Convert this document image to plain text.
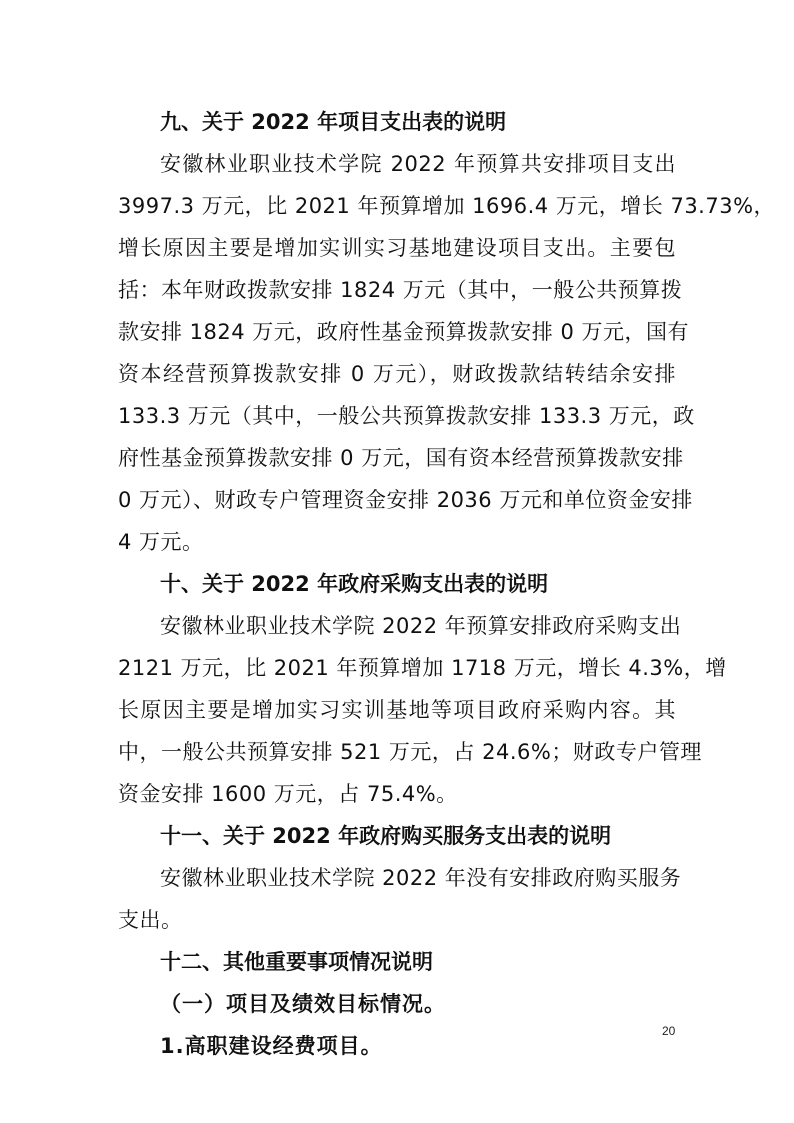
九、关于 2022 年项目支出表的说明
安徽林业职业技术学院 2022 年预算共安排项目支出
3997.3 万元，比 2021 年预算增加 1696.4 万元，增长 73.73%，
增长原因主要是增加实训实习基地建设项目支出。主要包
括：本年财政拨款安排 1824 万元（其中，一般公共预算拨
款安排 1824 万元，政府性基金预算拨款安排 0 万元，国有
资本经营预算拨款安排 0 万元），财政拨款结转结余安排
133.3 万元（其中，一般公共预算拨款安排 133.3 万元，政
府性基金预算拨款安排 0 万元，国有资本经营预算拨款安排
0 万元）、财政专户管理资金安排 2036 万元和单位资金安排
4 万元。
十、关于 2022 年政府采购支出表的说明
安徽林业职业技术学院 2022 年预算安排政府采购支出
2121 万元，比 2021 年预算增加 1718 万元，增长 4.3%，增
长原因主要是增加实习实训基地等项目政府采购内容。其
中，一般公共预算安排 521 万元，占 24.6%；财政专户管理
资金安排 1600 万元，占 75.4%。
十一、关于 2022 年政府购买服务支出表的说明
安徽林业职业技术学院 2022 年没有安排政府购买服务
支出。
十二、其他重要事项情况说明
（一）项目及绩效目标情况。
1.高职建设经费项目。
20
